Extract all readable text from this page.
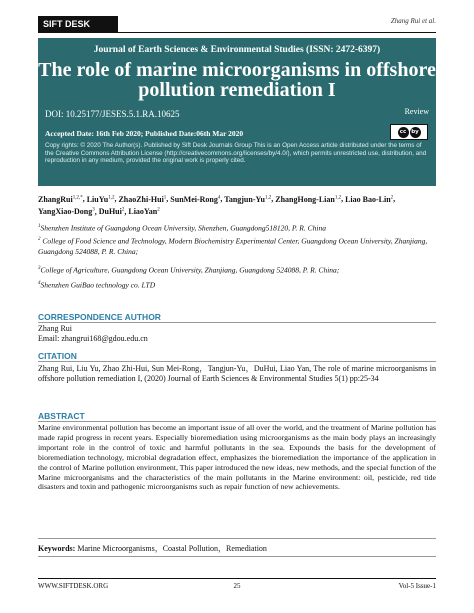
SIFT DESK	Zhang Rui et al.
Journal of Earth Sciences & Environmental Studies (ISSN: 2472-6397)
The role of marine microorganisms in offshore
pollution remediation I
DOI: 10.25177/JESES.5.1.RA.10625	Review
Accepted Date: 16th Feb 2020; Published Date:06th Mar 2020	cc by
Copy rights: © 2020 The Author(s). Published by Sift Desk Journals Group This is an Open Access article distributed under the terms of the Creative Commons Attribution License (http://creativecommons.org/licenses/by/4.0/), which permits unrestricted use, distribution, and reproduction in any medium, provided the original work is properly cited.
ZhangRui$^{1,2,*}$, LiuYu$^{1,2}$, ZhaoZhi-Hui$^1$, SunMei-Rong$^4$, Tangjun-Yu$^{1,2}$, ZhangHong-Lian$^{1,2}$, Liao Bao-Lin$^2$, YangXiao-Dong$^3$, DuHui$^2$, LiaoYan$^2$
$^1$Shenzhen Institute of Guangdong Ocean University, Shenzhen, Guangdong518120, P. R. China
$^2$ College of Food Science and Technology, Modern Biochemistry Experimental Center, Guangdong Ocean University, Zhanjiang, Guangdong 524088, P. R. China;
$^3$College of Agriculture, Guangdong Ocean University, Zhanjiang, Guangdong 524088, P. R. China;
$^4$Shenzhen GuiBao technology co. LTD
CORRESPONDENCE AUTHOR
Zhang Rui
Email: zhangrui168@gdou.edu.cn
CITATION
Zhang Rui, Liu Yu, Zhao Zhi-Hui, Sun Mei-Rong，Tangjun-Yu，DuHui, Liao Yan, The role of marine microorganisms in offshore pollution remediation I, (2020) Journal of Earth Sciences & Environmental Studies 5(1) pp:25-34
ABSTRACT
Marine environmental pollution has become an important issue of all over the world, and the treatment of Marine pollution has made rapid progress in recent years. Especially bioremediation using microorganisms as the main body plays an increasingly important role in the control of toxic and harmful pollutants in the sea. Expounds the basis for the development of bioremediation technology, microbial degradation effect, emphasizes the bioremediation the importance of the application in the control of Marine pollution environment, This paper introduced the new ideas, new methods, and the special function of the Marine microorganisms and the characteristics of the main pollutants in the Marine environment: oil, pesticide, red tide disasters and toxin and pathogenic microorganisms such as repair function of new achievements.
Keywords: Marine Microorganisms，Coastal Pollution，Remediation
WWW.SIFTDESK.ORG	25	Vol-5 Issue-1
